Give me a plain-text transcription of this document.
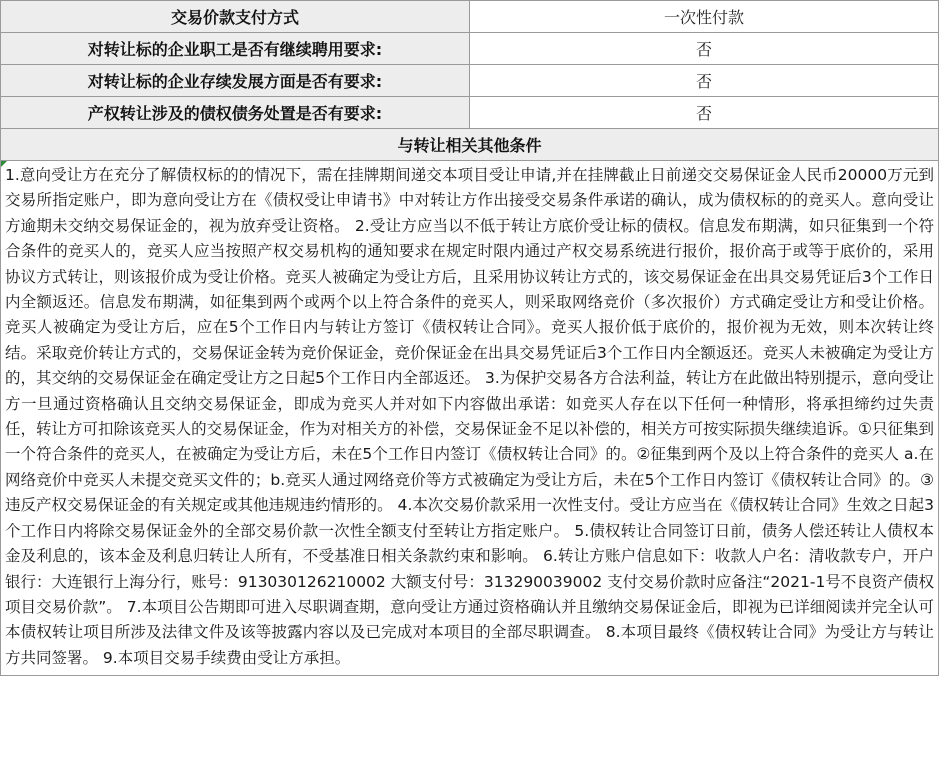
交易价款支付方式	一次性付款
对转让标的企业职工是否有继续聘用要求:	否
对转让标的企业存续发展方面是否有要求:	否
产权转让涉及的债权债务处置是否有要求:	否
与转让相关其他条件	

1.意向受让方在充分了解债权标的的情况下，需在挂牌期间递交本项目受让申请,并在挂牌截止日前递交交易保证金人民币20000万元到交易所指定账户，即为意向受让方在《债权受让申请书》中对转让方作出接受交易条件承诺的确认，成为债权标的的竞买人。意向受让方逾期未交纳交易保证金的，视为放弃受让资格。 2.受让方应当以不低于转让方底价受让标的债权。信息发布期满，如只征集到一个符合条件的竞买人的，竞买人应当按照产权交易机构的通知要求在规定时限内通过产权交易系统进行报价，报价高于或等于底价的，采用协议方式转让，则该报价成为受让价格。竞买人被确定为受让方后，且采用协议转让方式的，该交易保证金在出具交易凭证后3个工作日内全额返还。信息发布期满，如征集到两个或两个以上符合条件的竞买人，则采取网络竞价（多次报价）方式确定受让方和受让价格。竞买人被确定为受让方后，应在5个工作日内与转让方签订《债权转让合同》。竞买人报价低于底价的，报价视为无效，则本次转让终结。采取竞价转让方式的，交易保证金转为竞价保证金，竞价保证金在出具交易凭证后3个工作日内全额返还。竞买人未被确定为受让方的，其交纳的交易保证金在确定受让方之日起5个工作日内全部返还。 3.为保护交易各方合法利益，转让方在此做出特别提示，意向受让方一旦通过资格确认且交纳交易保证金，即成为竞买人并对如下内容做出承诺：如竞买人存在以下任何一种情形，将承担缔约过失责任，转让方可扣除该竞买人的交易保证金，作为对相关方的补偿，交易保证金不足以补偿的，相关方可按实际损失继续追诉。①只征集到一个符合条件的竞买人，在被确定为受让方后，未在5个工作日内签订《债权转让合同》的。②征集到两个及以上符合条件的竞买人 a.在网络竞价中竞买人未提交竞买文件的；b.竞买人通过网络竞价等方式被确定为受让方后，未在5个工作日内签订《债权转让合同》的。③违反产权交易保证金的有关规定或其他违规违约情形的。 4.本次交易价款采用一次性支付。受让方应当在《债权转让合同》生效之日起3个工作日内将除交易保证金外的全部交易价款一次性全额支付至转让方指定账户。 5.债权转让合同签订日前，债务人偿还转让人债权本金及利息的，该本金及利息归转让人所有，不受基准日相关条款约束和影响。 6.转让方账户信息如下：收款人户名：清收款专户，开户银行：大连银行上海分行，账号：913030126210002 大额支付号：313290039002 支付交易价款时应备注“2021-1号不良资产债权项目交易价款”。 7.本项目公告期即可进入尽职调查期，意向受让方通过资格确认并且缴纳交易保证金后，即视为已详细阅读并完全认可本债权转让项目所涉及法律文件及该等披露内容以及已完成对本项目的全部尽职调查。 8.本项目最终《债权转让合同》为受让方与转让方共同签署。 9.本项目交易手续费由受让方承担。	
